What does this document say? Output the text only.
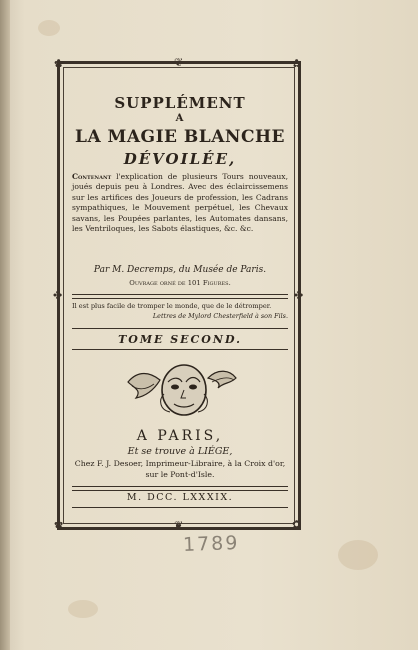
✿	✿
✿	✿
❦
❦
✤	✤
SUPPLÉMENT
A
LA MAGIE BLANCHE
DÉVOILÉE,
Contenant l'explication de plusieurs Tours nouveaux, joués depuis peu à Londres. Avec des éclaircissemens sur les artifices des Joueurs de profession, les Cadrans sympathiques, le Mouvement perpétuel, les Chevaux savans, les Poupées parlantes, les Automates dansans, les Ventriloques, les Sabots élastiques, &c. &c.
Par M. Decremps, du Musée de Paris.
Ouvrage orné de 101 Figures.
Il est plus facile de tromper le monde, que de le détromper.
Lettres de Mylord Chesterfield à son Fils.
TOME SECOND.
A PARIS,
Et se trouve à LIÉGE,
Chez F. J. Desoer, Imprimeur-Libraire, à la Croix d'or, sur le Pont-d'Isle.
M. DCC. LXXXIX.
1789
